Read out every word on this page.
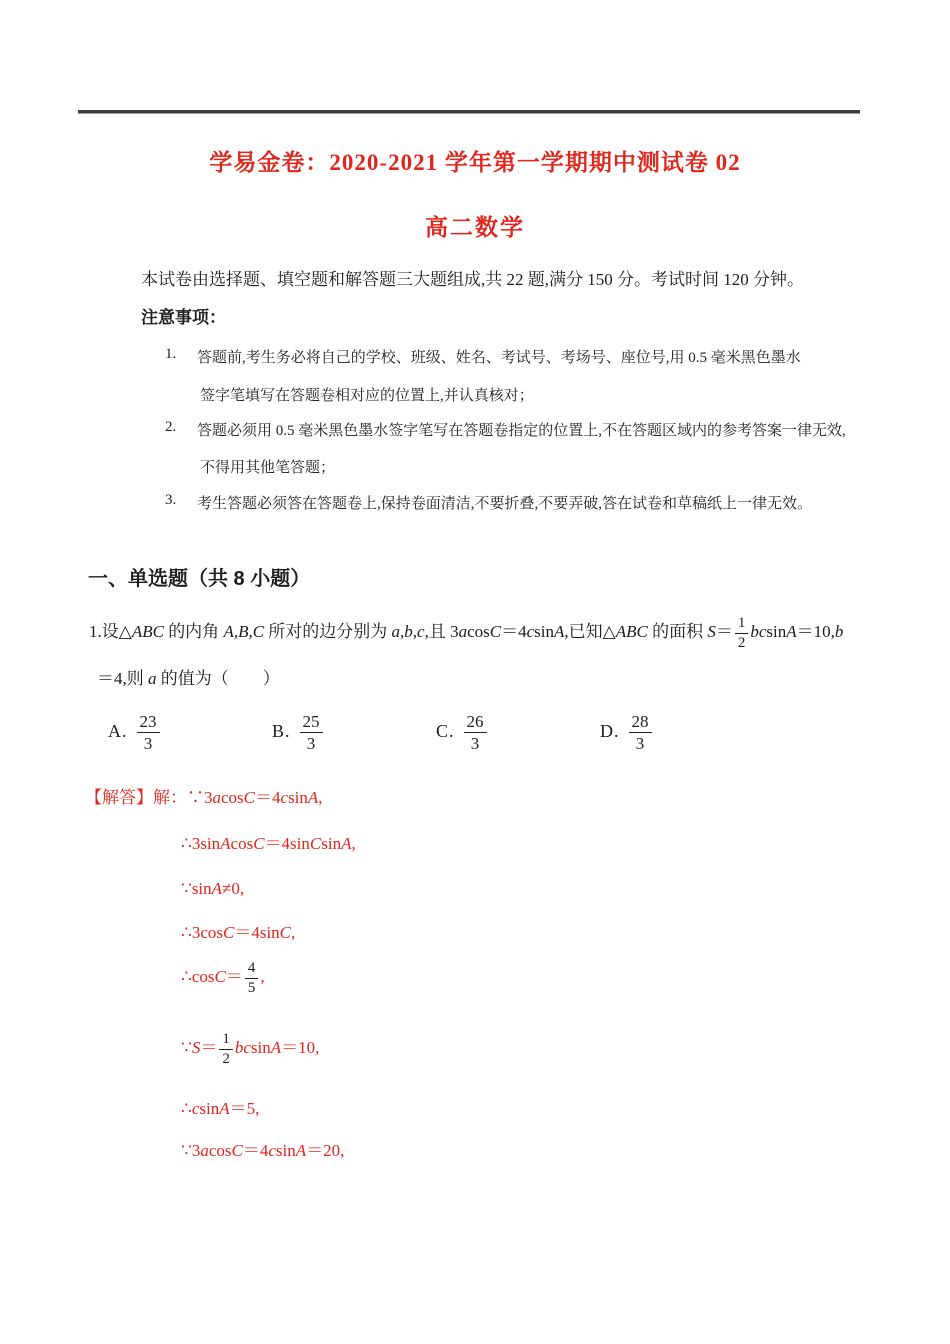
学易金卷：2020-2021 学年第一学期期中测试卷 02
高二数学

本试卷由选择题、填空题和解答题三大题组成,共 22 题,满分 150 分。考试时间 120 分钟。

注意事项：

1. 答题前,考生务必将自己的学校、班级、姓名、考试号、考场号、座位号,用 0.5 毫米黑色墨水
签字笔填写在答题卷相对应的位置上,并认真核对；
2. 答题必须用 0.5 毫米黑色墨水签字笔写在答题卷指定的位置上,不在答题区域内的参考答案一律无效,
不得用其他笔答题；
3. 考生答题必须答在答题卷上,保持卷面清洁,不要折叠,不要弄破,答在试卷和草稿纸上一律无效。

一、单选题（共 8 小题）

1.设△ABC 的内角 A,B,C 所对的边分别为 a,b,c,且 3acosC＝4csinA,已知△ABC 的面积 $S= \frac{1}{2} bcsinA=10,b$
＝4,则 a 的值为（　　）
A. $\frac{23}{3}$	B. $\frac{25}{3}$	C. $\frac{26}{3}$	D. $\frac{28}{3}$
【解答】解：∵3acosC＝4csinA,
∴3sinAcosC＝4sinCsinA,
∵sinA≠0,
∴3cosC＝4sinC,
∴cosC＝ $\frac{4}{5}$ ,
∵S＝ $\frac{1}{2} bcsinA=10$,
∴csinA＝5,
∵3acosC＝4csinA＝20,
